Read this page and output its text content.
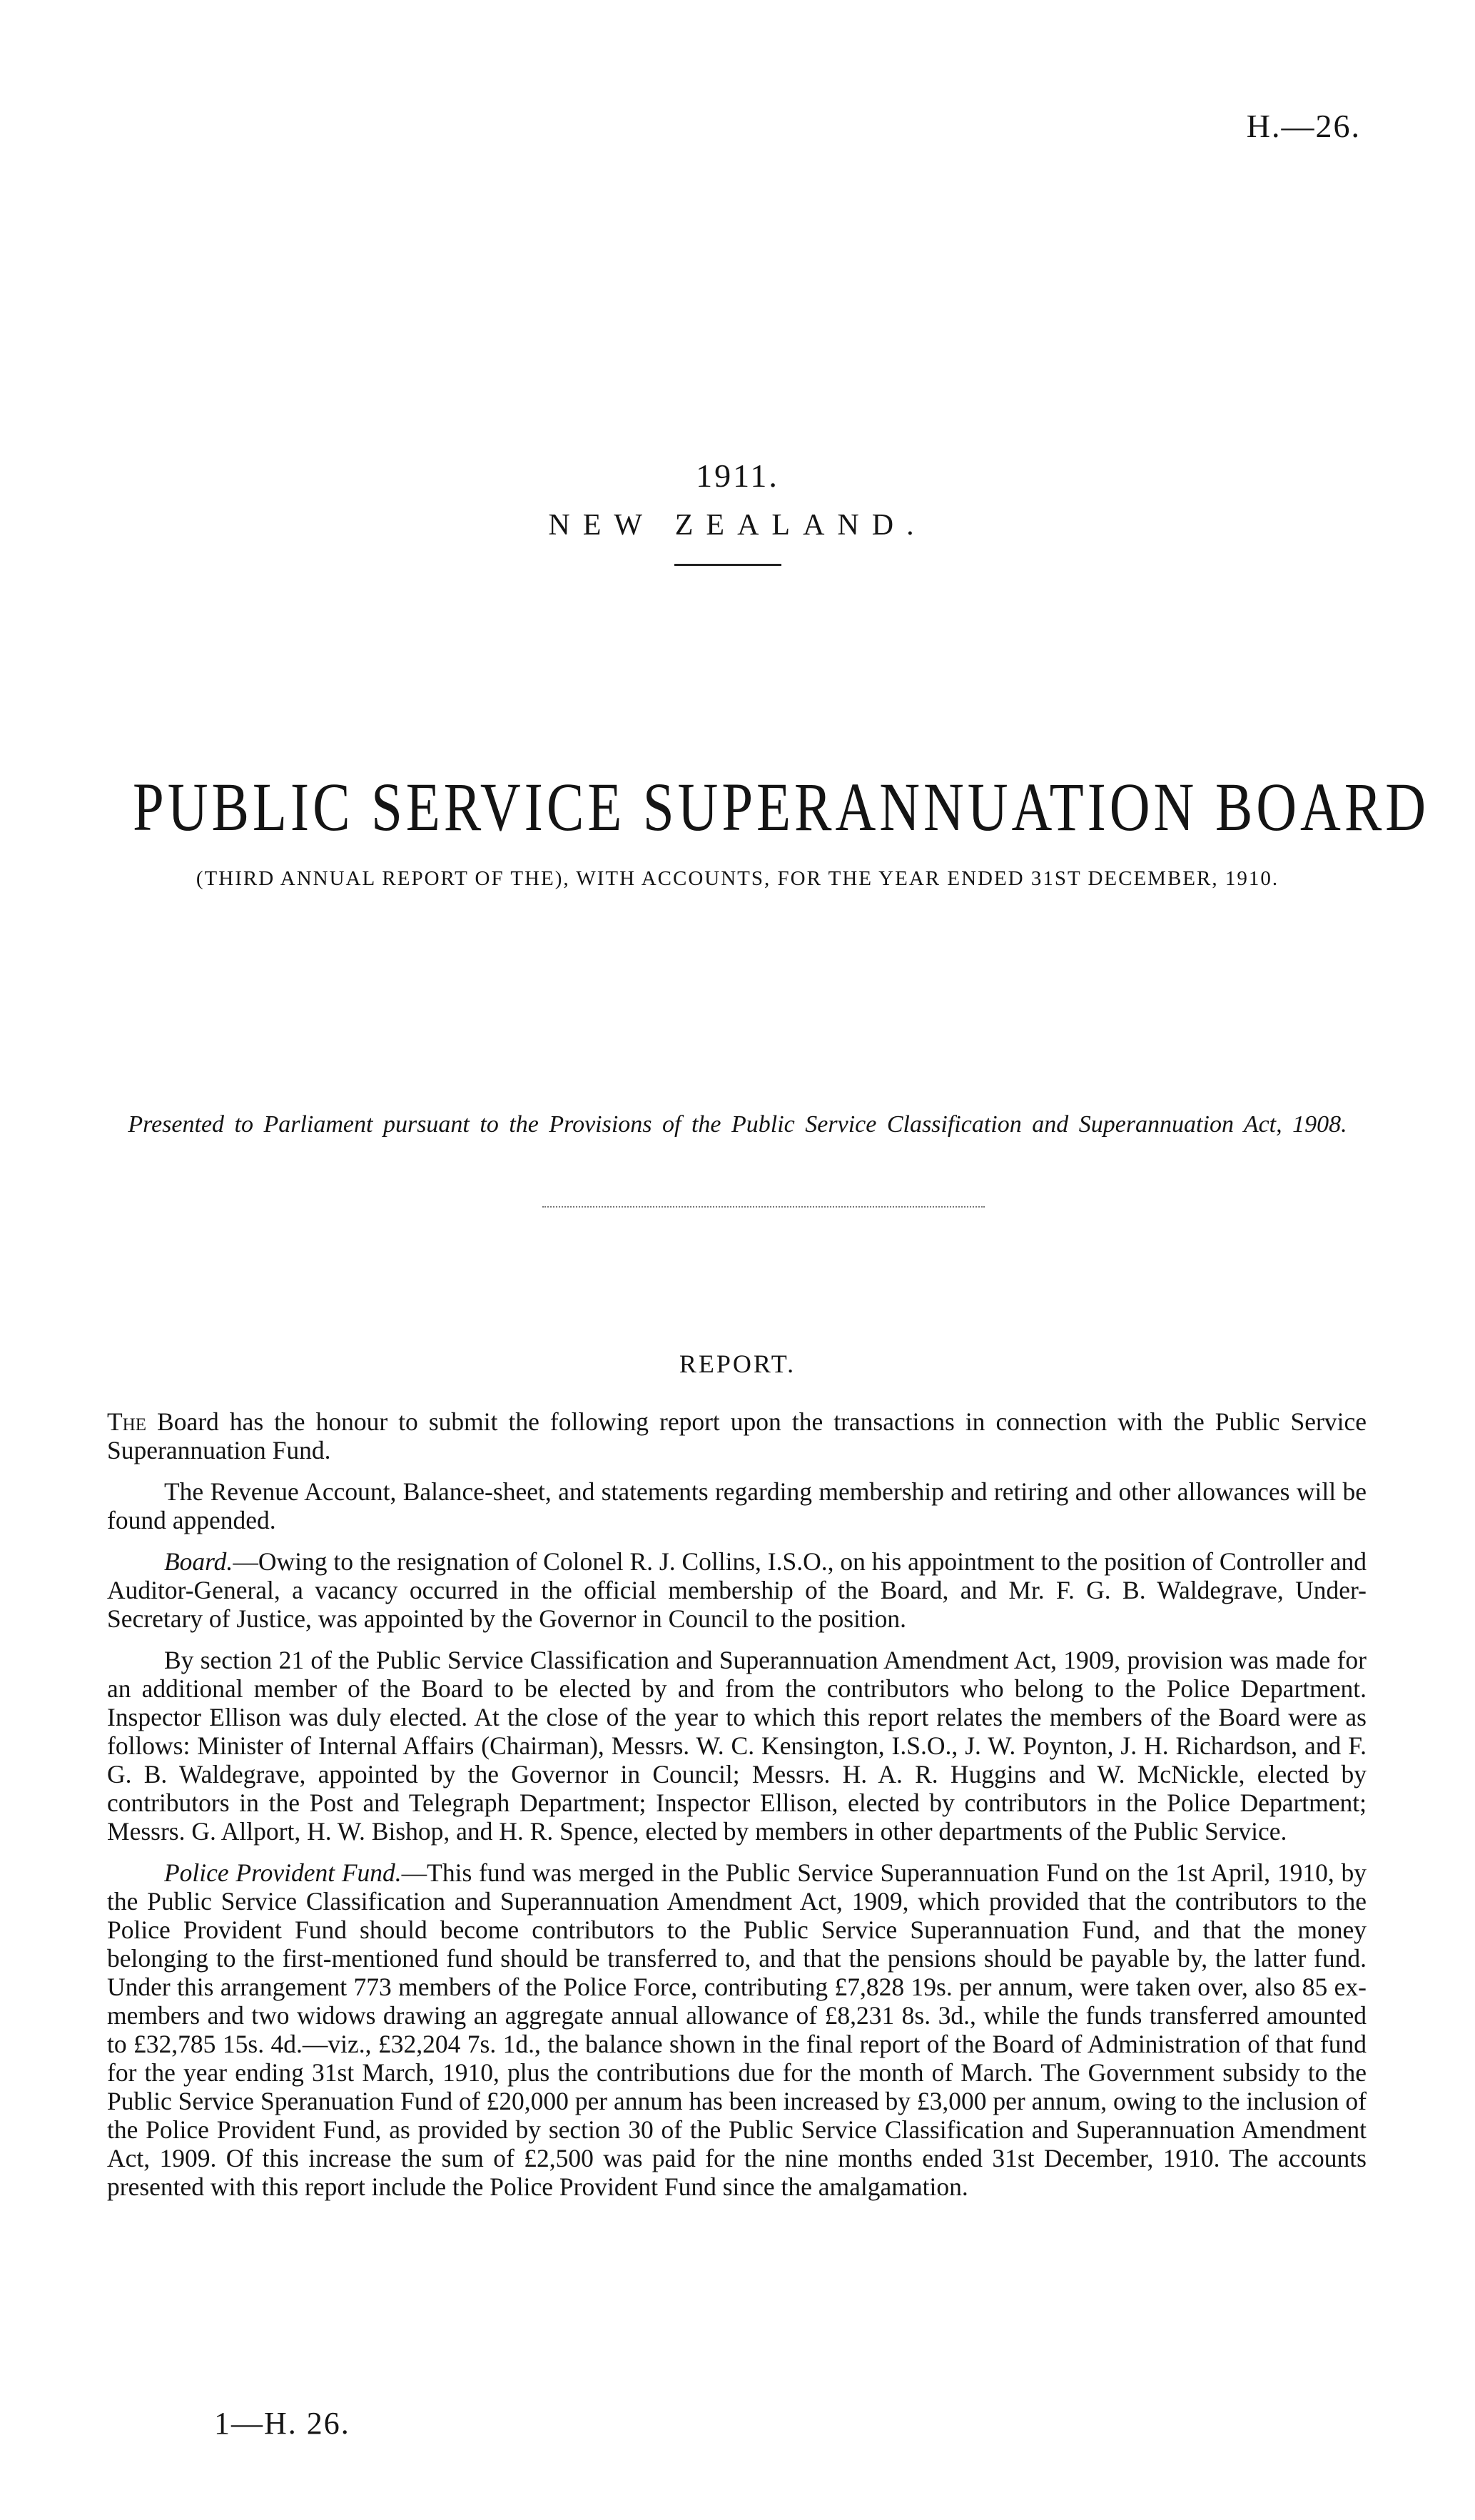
H.—26.
1911.
NEW ZEALAND.
PUBLIC SERVICE SUPERANNUATION BOARD
(THIRD ANNUAL REPORT OF THE), WITH ACCOUNTS, FOR THE YEAR ENDED 31ST DECEMBER, 1910.
Presented to Parliament pursuant to the Provisions of the Public Service Classification and Superannuation Act, 1908.
REPORT.

The Board has the honour to submit the following report upon the transactions in connection with the Public Service Superannuation Fund.

The Revenue Account, Balance-sheet, and statements regarding membership and retiring and other allowances will be found appended.

Board.—Owing to the resignation of Colonel R. J. Collins, I.S.O., on his appointment to the position of Controller and Auditor-General, a vacancy occurred in the official membership of the Board, and Mr. F. G. B. Waldegrave, Under-Secretary of Justice, was appointed by the Governor in Council to the position.

By section 21 of the Public Service Classification and Superannuation Amendment Act, 1909, provision was made for an additional member of the Board to be elected by and from the contributors who belong to the Police Department. Inspector Ellison was duly elected. At the close of the year to which this report relates the members of the Board were as follows: Minister of Internal Affairs (Chairman), Messrs. W. C. Kensington, I.S.O., J. W. Poynton, J. H. Richardson, and F. G. B. Waldegrave, appointed by the Governor in Council; Messrs. H. A. R. Huggins and W. McNickle, elected by contributors in the Post and Telegraph Department; Inspector Ellison, elected by contributors in the Police Department; Messrs. G. Allport, H. W. Bishop, and H. R. Spence, elected by members in other departments of the Public Service.

Police Provident Fund.—This fund was merged in the Public Service Superannuation Fund on the 1st April, 1910, by the Public Service Classification and Superannuation Amendment Act, 1909, which provided that the contributors to the Police Provident Fund should become contributors to the Public Service Superannuation Fund, and that the money belonging to the first-mentioned fund should be transferred to, and that the pensions should be payable by, the latter fund. Under this arrangement 773 members of the Police Force, contributing £7,828 19s. per annum, were taken over, also 85 ex-members and two widows drawing an aggregate annual allowance of £8,231 8s. 3d., while the funds transferred amounted to £32,785 15s. 4d.—viz., £32,204 7s. 1d., the balance shown in the final report of the Board of Administration of that fund for the year ending 31st March, 1910, plus the contributions due for the month of March. The Government subsidy to the Public Service Speranuation Fund of £20,000 per annum has been increased by £3,000 per annum, owing to the inclusion of the Police Provident Fund, as provided by section 30 of the Public Service Classification and Superannuation Amendment Act, 1909. Of this increase the sum of £2,500 was paid for the nine months ended 31st December, 1910. The accounts presented with this report include the Police Provident Fund since the amalgamation.

1—H. 26.
